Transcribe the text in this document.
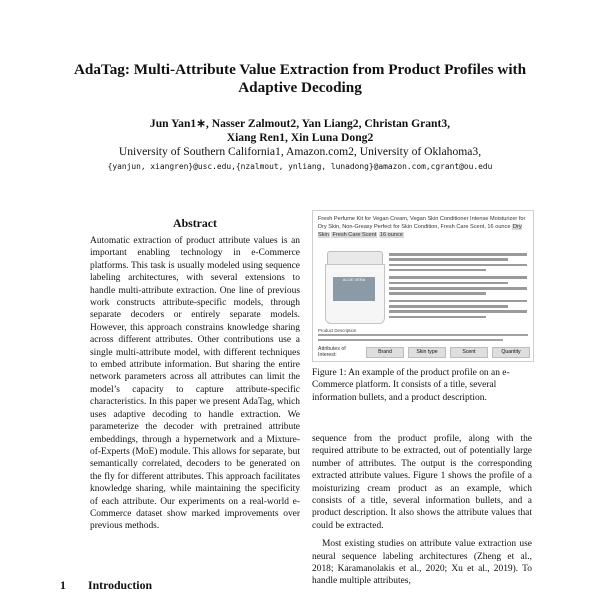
AdaTag: Multi-Attribute Value Extraction from Product Profiles with Adaptive Decoding
Jun Yan1∗, Nasser Zalmout2, Yan Liang2, Christan Grant3,
Xiang Ren1, Xin Luna Dong2
University of Southern California1, Amazon.com2, University of Oklahoma3,
{yanjun, xiangren}@usc.edu,{nzalmout, ynliang, lunadong}@amazon.com,cgrant@ou.edu
Abstract
Automatic extraction of product attribute values is an important enabling technology in e-Commerce platforms. This task is usually modeled using sequence labeling architectures, with several extensions to handle multi-attribute extraction. One line of previous work constructs attribute-specific models, through separate decoders or entirely separate models. However, this approach constrains knowledge sharing across different attributes. Other contributions use a single multi-attribute model, with different techniques to embed attribute information. But sharing the entire network parameters across all attributes can limit the model’s capacity to capture attribute-specific characteristics. In this paper we present AdaTag, which uses adaptive decoding to handle extraction. We parameterize the decoder with pretrained attribute embeddings, through a hypernetwork and a Mixture-of-Experts (MoE) module. This allows for separate, but semantically correlated, decoders to be generated on the fly for different attributes. This approach facilitates knowledge sharing, while maintaining the specificity of each attribute. Our experiments on a real-world e-Commerce dataset show marked improvements over previous methods.
1 Introduction
Fresh Perfume Kit for Vegan Cream, Vegan Skin Conditioner Intense Moisturizer for Dry Skin, Non-Greasy Perfect for Skin Condition, Fresh Care Scent, 16 ounce Dry Skin Fresh Care Scent 16 ounce
ALOE VERA
Product Description
Attributes of Interest:
Brand	Skin type	Scent	Quantity
Figure 1: An example of the product profile on an e-Commerce platform. It consists of a title, several information bullets, and a product description.

sequence from the product profile, along with the required attribute to be extracted, out of potentially large number of attributes. The output is the corresponding extracted attribute values. Figure 1 shows the profile of a moisturizing cream product as an example, which consists of a title, several information bullets, and a product description. It also shows the attribute values that could be extracted.

Most existing studies on attribute value extraction use neural sequence labeling architectures (Zheng et al., 2018; Karamanolakis et al., 2020; Xu et al., 2019). To handle multiple attributes,
